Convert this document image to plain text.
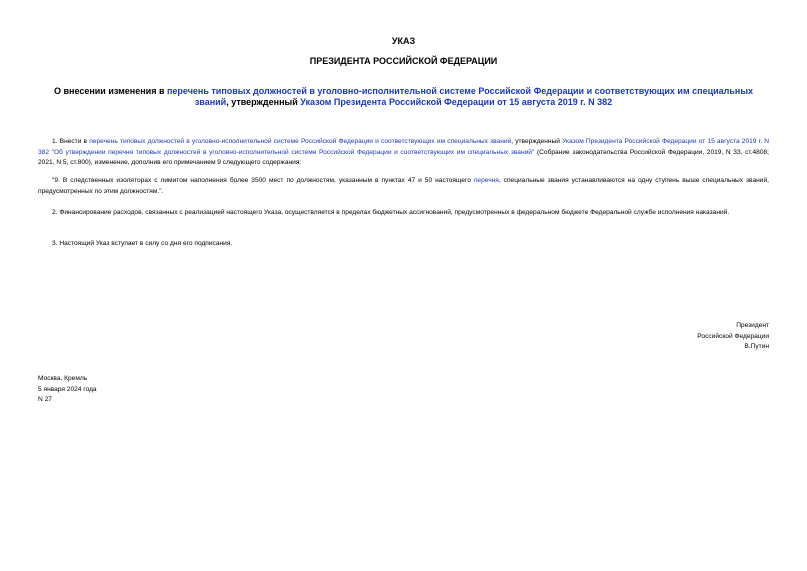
УКАЗ
ПРЕЗИДЕНТА РОССИЙСКОЙ ФЕДЕРАЦИИ
О внесении изменения в перечень типовых должностей в уголовно-исполнительной системе Российской Федерации и соответствующих им специальных званий, утвержденный Указом Президента Российской Федерации от 15 августа 2019 г. N 382
1. Внести в перечень типовых должностей в уголовно-исполнительной системе Российской Федерации и соответствующих им специальных званий, утвержденный Указом Президента Российской Федерации от 15 августа 2019 г. N 382 "Об утверждении перечня типовых должностей в уголовно-исполнительной системе Российской Федерации и соответствующих им специальных званий" (Собрание законодательства Российской Федерации, 2019, N 33, ст.4808; 2021, N 5, ст.800), изменение, дополнив его примечанием 9 следующего содержания:
"9. В следственных изоляторах с лимитом наполнения более 3500 мест по должностям, указанным в пунктах 47 и 50 настоящего перечня, специальные звания устанавливаются на одну ступень выше специальных званий, предусмотренных по этим должностям.".
2. Финансирование расходов, связанных с реализацией настоящего Указа, осуществляется в пределах бюджетных ассигнований, предусмотренных в федеральном бюджете Федеральной службе исполнения наказаний.
3. Настоящий Указ вступает в силу со дня его подписания.
Президент
Российской Федерации
В.Путин
Москва, Кремль
5 января 2024 года
N 27
